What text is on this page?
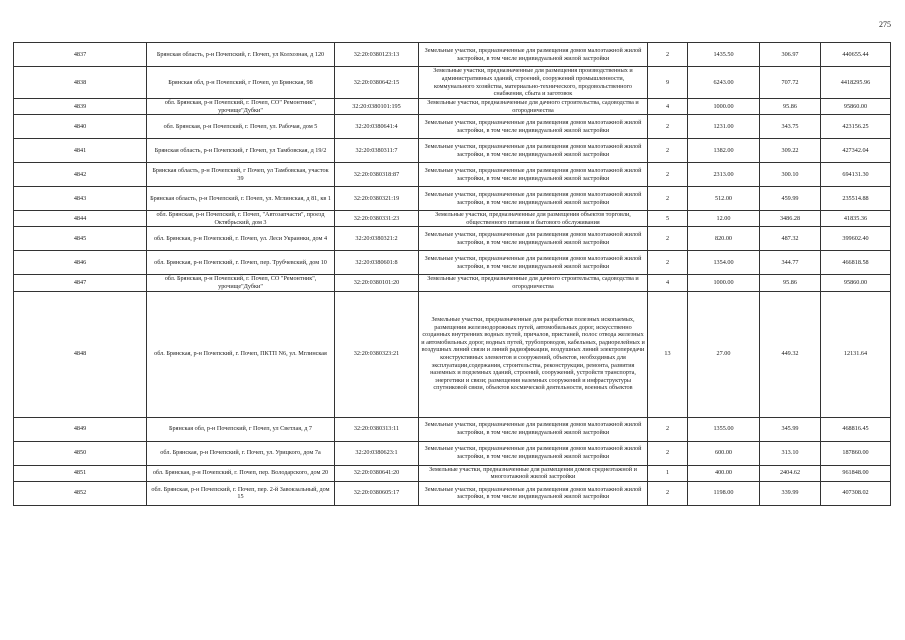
275
4837	Брянская область, р-н Почепский, г. Почеп, ул Колхозная, д 120	32:20:0380123:13	Земельные участки, предназначенные для размещения домов малоэтажной жилой застройки, в том числе индивидуальной жилой застройки	2	1435.50	306.97	440655.44
4838	Брянская обл, р-н Почепский, г Почеп, ул Брянская, 98	32:20:0380642:15	Земельные участки, предназначенные для размещения производственных и административных зданий, строений, сооружений промышленности, коммунального хозяйства, материально-технического, продовольственного снабжения, сбыта и заготовок	9	6243.00	707.72	4418295.96
4839	обл. Брянская, р-н Почепский, г. Почеп, СО" Ремонтник", урочище"Дубки"	32:20:0380101:195	Земельные участки, предназначенные для дачного строительства, садоводства и огородничества	4	1000.00	95.86	95860.00
4840	обл. Брянская, р-н Почепский, г. Почеп, ул. Рабочая, дом 5	32:20:0380641:4	Земельные участки, предназначенные для размещения домов малоэтажной жилой застройки, в том числе индивидуальной жилой застройки	2	1231.00	343.75	423156.25
4841	Брянская область, р-н Почепский, г Почеп, ул Тамбовская, д 19/2	32:20:0380311:7	Земельные участки, предназначенные для размещения домов малоэтажной жилой застройки, в том числе индивидуальной жилой застройки	2	1382.00	309.22	427342.04
4842	Брянская область, р-н Почепский, г Почеп, ул Тамбовская, участок 39	32:20:0380318:87	Земельные участки, предназначенные для размещения домов малоэтажной жилой застройки, в том числе индивидуальной жилой застройки	2	2313.00	300.10	694131.30
4843	Брянская область, р-н Почепский, г. Почеп, ул. Мглинская, д 81, кв 1	32:20:0380321:19	Земельные участки, предназначенные для размещения домов малоэтажной жилой застройки, в том числе индивидуальной жилой застройки	2	512.00	459.99	235514.88
4844	обл. Брянская, р-н Почепский, г. Почеп, "Автозапчасти", проезд Октябрьский, дом 3	32:20:0380331:23	Земельные участки, предназначенные для размещения объектов торговли, общественного питания и бытового обслуживания	5	12.00	3486.28	41835.36
4845	обл. Брянская, р-н Почепский, г. Почеп, ул. Леси Украинки, дом 4	32:20:0380321:2	Земельные участки, предназначенные для размещения домов малоэтажной жилой застройки, в том числе индивидуальной жилой застройки	2	820.00	487.32	399602.40
4846	обл. Брянская, р-н Почепский, г. Почеп, пер. Трубчевский, дом 10	32:20:0380601:8	Земельные участки, предназначенные для размещения домов малоэтажной жилой застройки, в том числе индивидуальной жилой застройки	2	1354.00	344.77	466818.58
4847	обл. Брянская, р-н Почепский, г. Почеп, СО "Ремонтник", урочище"Дубки"	32:20:0380101:20	Земельные участки, предназначенные для дачного строительства, садоводства и огородничества	4	1000.00	95.86	95860.00
4848	обл. Брянская, р-н Почепский, г. Почеп, ПКТП N6, ул. Мглинская	32:20:0380323:21	Земельные участки, предназначенные для разработки полезных ископаемых, размещения железнодорожных путей, автомобильных дорог, искусственно созданных внутренних водных путей, причалов, пристаней, полос отвода железных и автомобильных дорог, водных путей, трубопроводов, кабельных, радиорелейных и воздушных линий связи и линий радиофикации, воздушных линий электропередачи конструктивных элементов и сооружений, объектов, необходимых для эксплуатации,содержания, строительства, реконструкции, ремонта, развития наземных и подземных зданий, строений, сооружений, устройств транспорта, энергетики и связи; размещения наземных сооружений и инфраструктуры спутниковой связи, объектов космической деятельности, военных объектов	13	27.00	449.32	12131.64
4849	Брянская обл, р-н Почепский, г Почеп, ул Светлая, д 7	32:20:0380313:11	Земельные участки, предназначенные для размещения домов малоэтажной жилой застройки, в том числе индивидуальной жилой застройки	2	1355.00	345.99	468816.45
4850	обл. Брянская, р-н Почепский, г. Почеп, ул. Урицкого, дом 7а	32:20:0380623:1	Земельные участки, предназначенные для размещения домов малоэтажной жилой застройки, в том числе индивидуальной жилой застройки	2	600.00	313.10	187860.00
4851	обл. Брянская, р-н Почепский, г. Почеп, пер. Володарского, дом 20	32:20:0380641:20	Земельные участки, предназначенные для размещения домов среднеэтажной и многоэтажной жилой застройки	1	400.00	2404.62	961848.00
4852	обл. Брянская, р-н Почепский, г. Почеп, пер. 2-й Завокзальный, дом 15	32:20:0380605:17	Земельные участки, предназначенные для размещения домов малоэтажной жилой застройки, в том числе индивидуальной жилой застройки	2	1198.00	339.99	407308.02
